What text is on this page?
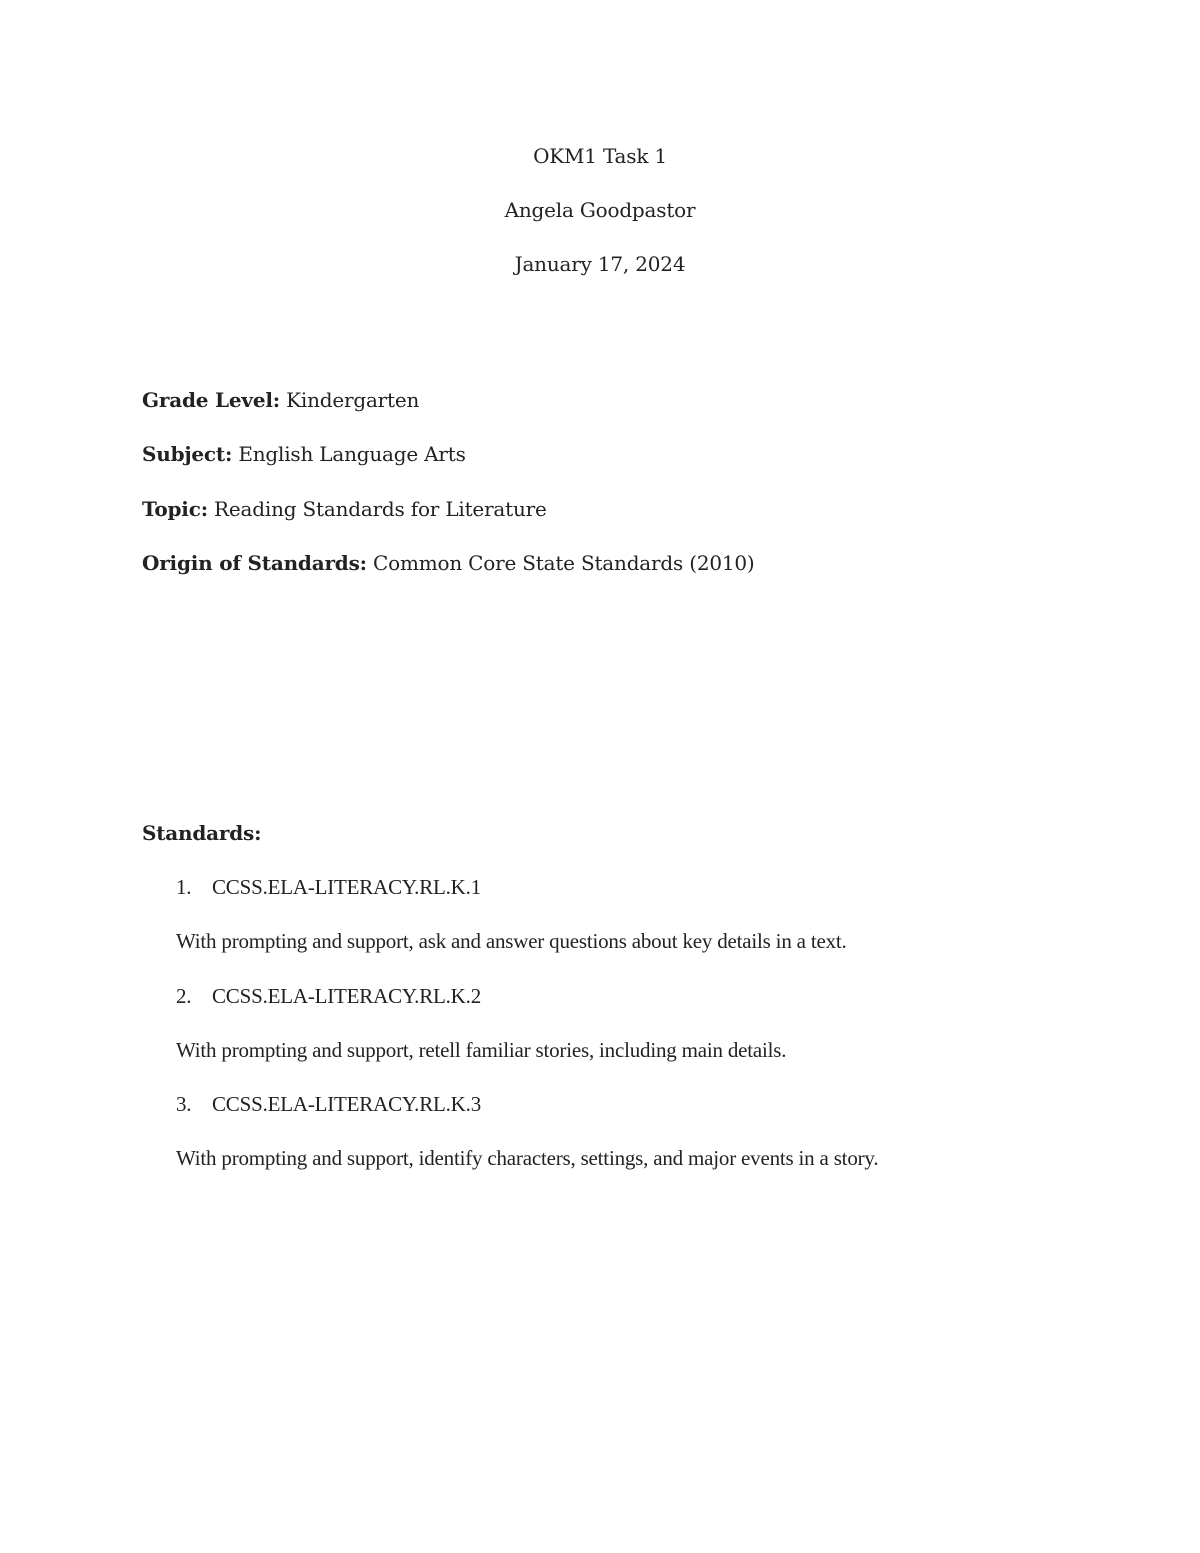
OKM1 Task 1
Angela Goodpastor
January 17, 2024
Grade Level: Kindergarten
Subject: English Language Arts
Topic: Reading Standards for Literature
Origin of Standards: Common Core State Standards (2010)
Standards:
1. CCSS.ELA-LITERACY.RL.K.1
With prompting and support, ask and answer questions about key details in a text.
2. CCSS.ELA-LITERACY.RL.K.2
With prompting and support, retell familiar stories, including main details.
3. CCSS.ELA-LITERACY.RL.K.3
With prompting and support, identify characters, settings, and major events in a story.
